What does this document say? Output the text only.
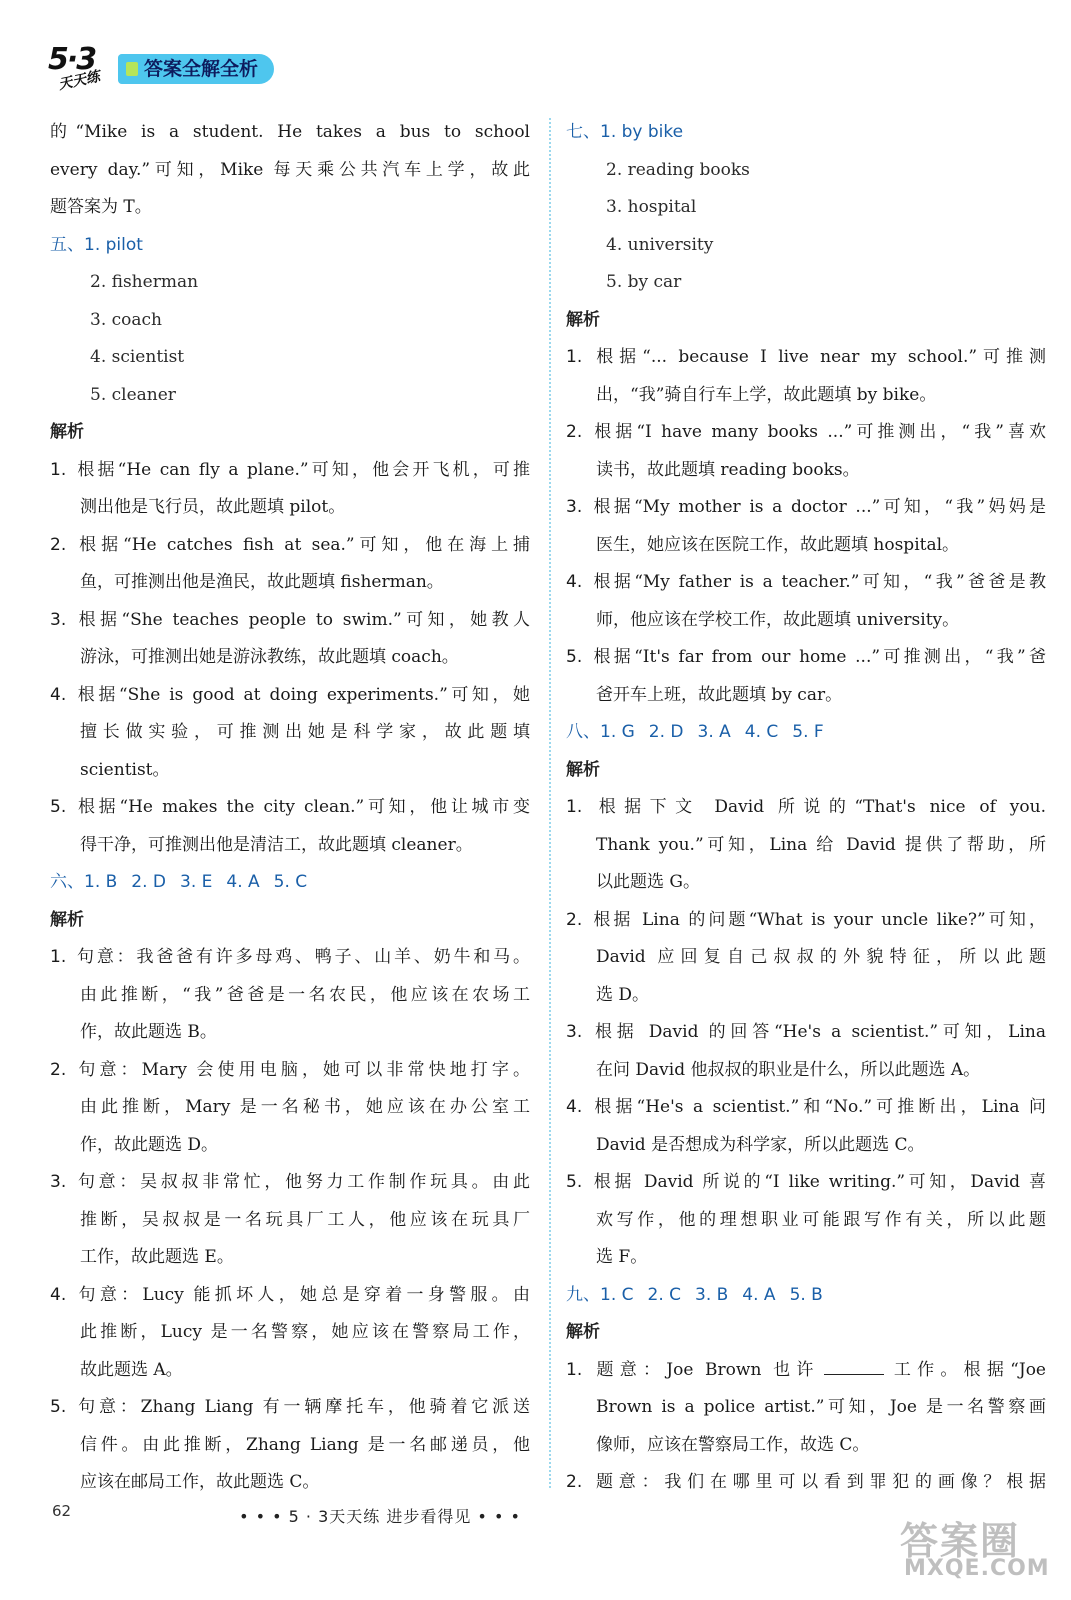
5·3
天天练	答案全解全析
的“Mike is a student. He takes a bus to school
every day.”可知，Mike 每天乘公共汽车上学，故此
题答案为 T。
五、1. pilot
2. fisherman
3. coach
4. scientist
5. cleaner
解析
1. 根据“He can fly a plane.”可知，他会开飞机，可推
测出他是飞行员，故此题填 pilot。
2. 根据“He catches fish at sea.”可知，他在海上捕
鱼，可推测出他是渔民，故此题填 fisherman。
3. 根据“She teaches people to swim.”可知，她教人
游泳，可推测出她是游泳教练，故此题填 coach。
4. 根据“She is good at doing experiments.”可知，她
擅长做实验，可推测出她是科学家，故此题填
scientist。
5. 根据“He makes the city clean.”可知，他让城市变
得干净，可推测出他是清洁工，故此题填 cleaner。
六、1. B 2. D 3. E 4. A 5. C
解析
1. 句意：我爸爸有许多母鸡、鸭子、山羊、奶牛和马。
由此推断，“我”爸爸是一名农民，他应该在农场工
作，故此题选 B。
2. 句意：Mary 会使用电脑，她可以非常快地打字。
由此推断，Mary 是一名秘书，她应该在办公室工
作，故此题选 D。
3. 句意：吴叔叔非常忙，他努力工作制作玩具。由此
推断，吴叔叔是一名玩具厂工人，他应该在玩具厂
工作，故此题选 E。
4. 句意：Lucy 能抓坏人，她总是穿着一身警服。由
此推断，Lucy 是一名警察，她应该在警察局工作，
故此题选 A。
5. 句意：Zhang Liang 有一辆摩托车，他骑着它派送
信件。由此推断，Zhang Liang 是一名邮递员，他
应该在邮局工作，故此题选 C。
七、1. by bike
2. reading books
3. hospital
4. university
5. by car
解析
1. 根据“... because I live near my school.”可推测
出，“我”骑自行车上学，故此题填 by bike。
2. 根据“I have many books ...”可推测出，“我”喜欢
读书，故此题填 reading books。
3. 根据“My mother is a doctor ...”可知，“我”妈妈是
医生，她应该在医院工作，故此题填 hospital。
4. 根据“My father is a teacher.”可知，“我”爸爸是教
师，他应该在学校工作，故此题填 university。
5. 根据“It's far from our home ...”可推测出，“我”爸
爸开车上班，故此题填 by car。
八、1. G 2. D 3. A 4. C 5. F
解析
1. 根据下文 David 所说的“That's nice of you.
Thank you.”可知，Lina 给 David 提供了帮助，所
以此题选 G。
2. 根据 Lina 的问题“What is your uncle like?”可知，
David 应回复自己叔叔的外貌特征，所以此题
选 D。
3. 根据 David 的回答“He's a scientist.”可知，Lina
在问 David 他叔叔的职业是什么，所以此题选 A。
4. 根据“He's a scientist.”和“No.”可推断出，Lina 问
David 是否想成为科学家，所以此题选 C。
5. 根据 David 所说的“I like writing.”可知，David 喜
欢写作，他的理想职业可能跟写作有关，所以此题
选 F。
九、1. C 2. C 3. B 4. A 5. B
解析
1. 题意：Joe Brown 也许	工作。根据“Joe
Brown is a police artist.”可知，Joe 是一名警察画
像师，应该在警察局工作，故选 C。
2. 题意：我们在哪里可以看到罪犯的画像？根据
62	• • • 5 · 3天天练 进步看得见 • • •
答案圈
MXQE.COM
